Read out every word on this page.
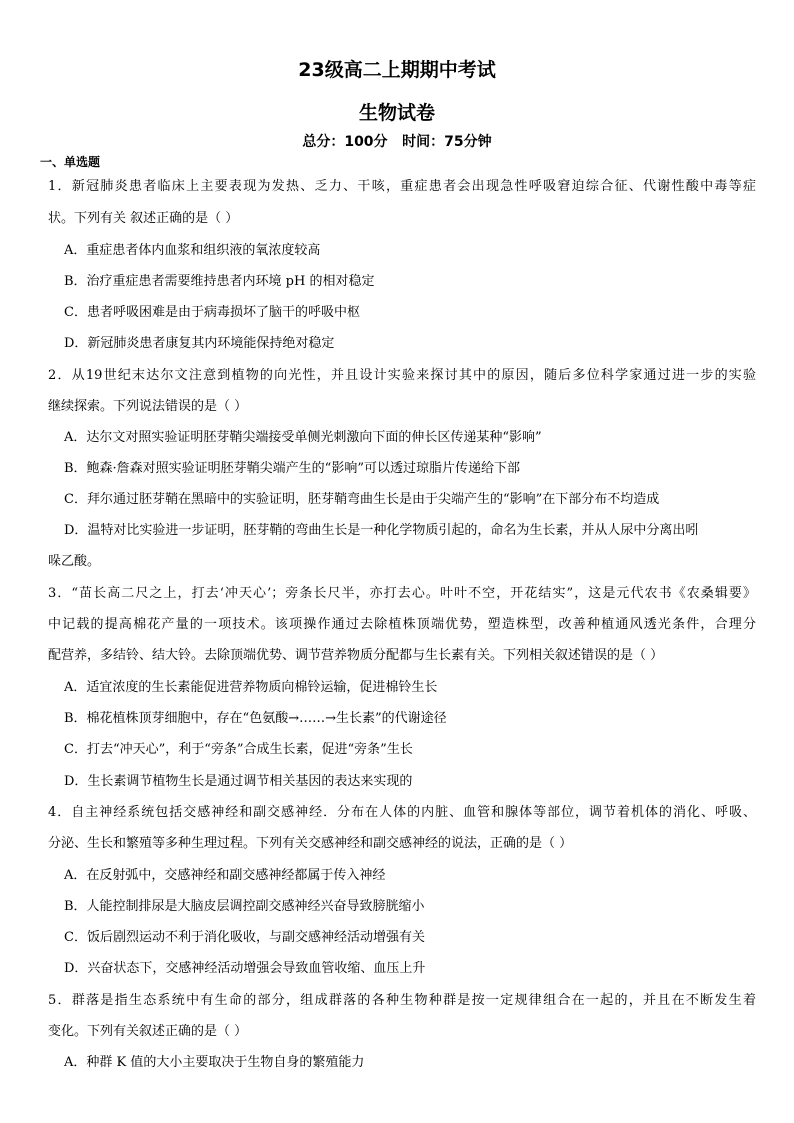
23级高二上期期中考试
生物试卷
总分：100分   时间：75分钟
一、单选题
1．新冠肺炎患者临床上主要表现为发热、乏力、干咳，重症患者会出现急性呼吸窘迫综合征、代谢性酸中毒等症
状。下列有关 叙述正确的是（ ）
A．重症患者体内血浆和组织液的氧浓度较高
B．治疗重症患者需要维持患者内环境 pH 的相对稳定
C．患者呼吸困难是由于病毒损坏了脑干的呼吸中枢
D．新冠肺炎患者康复其内环境能保持绝对稳定
2．从19世纪末达尔文注意到植物的向光性，并且设计实验来探讨其中的原因，随后多位科学家通过进一步的实验
继续探索。下列说法错误的是（ ）
A．达尔文对照实验证明胚芽鞘尖端接受单侧光刺激向下面的伸长区传递某种“影响”
B．鲍森·詹森对照实验证明胚芽鞘尖端产生的“影响”可以透过琼脂片传递给下部
C．拜尔通过胚芽鞘在黑暗中的实验证明，胚芽鞘弯曲生长是由于尖端产生的“影响”在下部分布不均造成
D．温特对比实验进一步证明，胚芽鞘的弯曲生长是一种化学物质引起的，命名为生长素，并从人尿中分离出吲
哚乙酸。
3．“苗长高二尺之上，打去‘冲天心’；旁条长尺半，亦打去心。叶叶不空，开花结实”，这是元代农书《农桑辑要》
中记载的提高棉花产量的一项技术。该项操作通过去除植株顶端优势，塑造株型，改善种植通风透光条件，合理分
配营养，多结铃、结大铃。去除顶端优势、调节营养物质分配都与生长素有关。下列相关叙述错误的是（ ）
A．适宜浓度的生长素能促进营养物质向棉铃运输，促进棉铃生长
B．棉花植株顶芽细胞中，存在“色氨酸→……→生长素”的代谢途径
C．打去“冲天心”，利于“旁条”合成生长素，促进“旁条”生长
D．生长素调节植物生长是通过调节相关基因的表达来实现的
4．自主神经系统包括交感神经和副交感神经．分布在人体的内脏、血管和腺体等部位，调节着机体的消化、呼吸、
分泌、生长和繁殖等多种生理过程。下列有关交感神经和副交感神经的说法，正确的是（ ）
A．在反射弧中，交感神经和副交感神经都属于传入神经
B．人能控制排尿是大脑皮层调控副交感神经兴奋导致膀胱缩小
C．饭后剧烈运动不利于消化吸收，与副交感神经活动增强有关
D．兴奋状态下，交感神经活动增强会导致血管收缩、血压上升
5．群落是指生态系统中有生命的部分，组成群落的各种生物种群是按一定规律组合在一起的，并且在不断发生着
变化。下列有关叙述正确的是（ ）
A．种群 K 值的大小主要取决于生物自身的繁殖能力
